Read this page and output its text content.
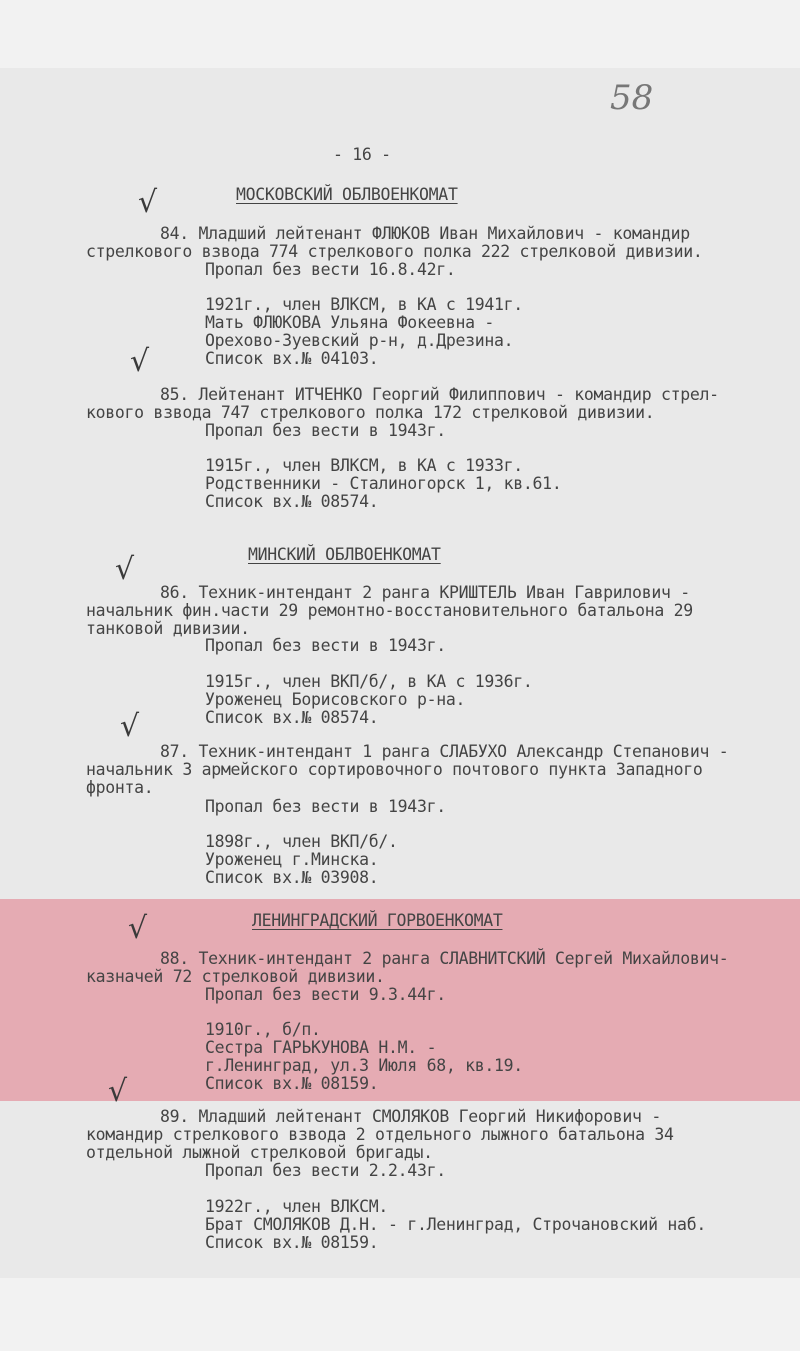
58
- 16 -
МОСКОВСКИЙ ОБЛВОЕНКОМАТ
√
84. Младший лейтенант ФЛЮКОВ Иван Михайлович - командир
стрелкового взвода 774 стрелкового полка 222 стрелковой дивизии.
Пропал без вести 16.8.42г.
1921г., член ВЛКСМ, в КА с 1941г.
Мать ФЛЮКОВА Ульяна Фокеевна -
Орехово-Зуевский р-н, д.Дрезина.
Список вх.№ 04103.
√
85. Лейтенант ИТЧЕНКО Георгий Филиппович - командир стрел-
кового взвода 747 стрелкового полка 172 стрелковой дивизии.
Пропал без вести в 1943г.
1915г., член ВЛКСМ, в КА с 1933г.
Родственники - Сталиногорск 1, кв.61.
Список вх.№ 08574.
МИНСКИЙ ОБЛВОЕНКОМАТ
√
86. Техник-интендант 2 ранга КРИШТЕЛЬ Иван Гаврилович -
начальник фин.части 29 ремонтно-восстановительного батальона 29
танковой дивизии.
Пропал без вести в 1943г.
1915г., член ВКП/б/, в КА с 1936г.
Уроженец Борисовского р-на.
Список вх.№ 08574.
√
87. Техник-интендант 1 ранга СЛАБУХО Александр Степанович -
начальник 3 армейского сортировочного почтового пункта Западного
фронта.
Пропал без вести в 1943г.
1898г., член ВКП/б/.
Уроженец г.Минска.
Список вх.№ 03908.
ЛЕНИНГРАДСКИЙ ГОРВОЕНКОМАТ
√
88. Техник-интендант 2 ранга СЛАВНИТСКИЙ Сергей Михайлович-
казначей 72 стрелковой дивизии.
Пропал без вести 9.3.44г.
1910г., б/п.
Сестра ГАРЬКУНОВА Н.М. -
г.Ленинград, ул.3 Июля 68, кв.19.
Список вх.№ 08159.
√
89. Младший лейтенант СМОЛЯКОВ Георгий Никифорович -
командир стрелкового взвода 2 отдельного лыжного батальона 34
отдельной лыжной стрелковой бригады.
Пропал без вести 2.2.43г.
1922г., член ВЛКСМ.
Брат СМОЛЯКОВ Д.Н. - г.Ленинград, Строчановский наб.
Список вх.№ 08159.
